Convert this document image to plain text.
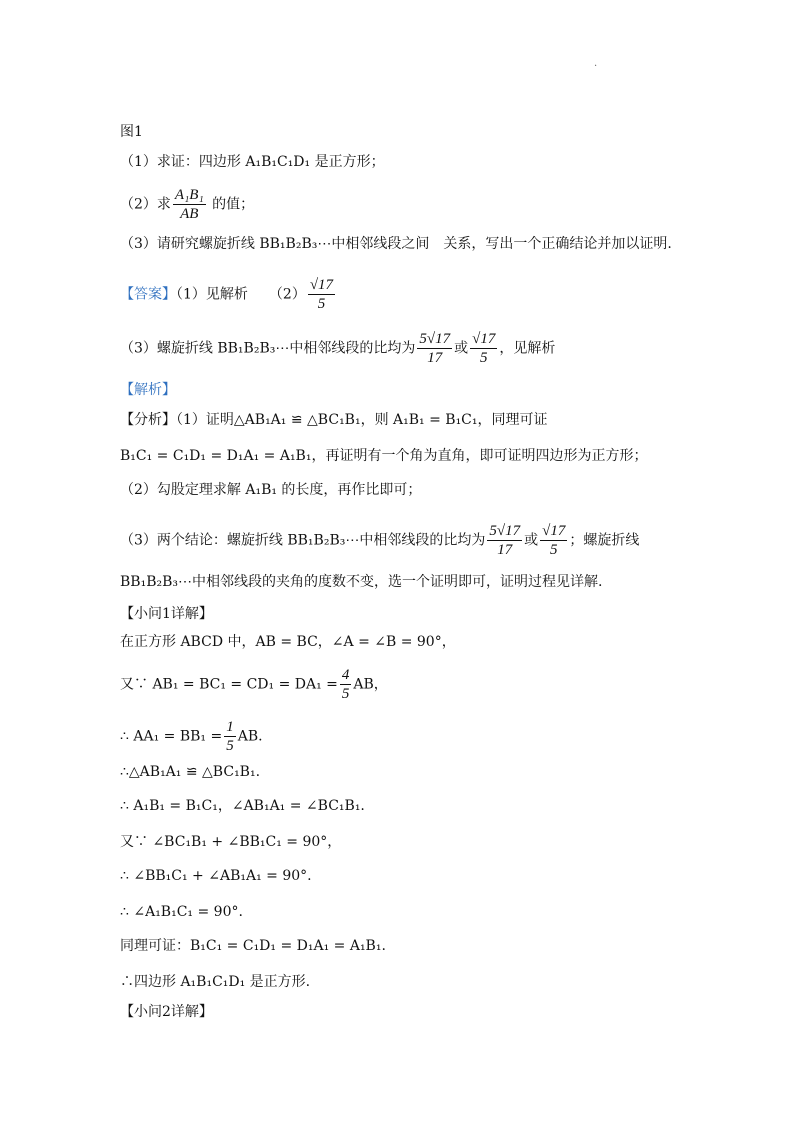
.
图1
（1）求证：四边形 A₁B₁C₁D₁ 是正方形；
（2）求 $\frac{\text{A₁B₁}}{AB}$ 的值；
（3）请研究螺旋折线 BB₁B₂B₃⋯中相邻线段之间　关系，写出一个正确结论并加以证明.
【答案】（1）见解析　　$(2) \frac{√17}{5}$
（3）螺旋折线 BB₁B₂B₃⋯中相邻线段的比均为 $\frac{5√17}{17}$ 或 $\frac{√17}{5}$ ，见解析
【解析】
【分析】（1）证明△AB₁A₁ ≌ △BC₁B₁，则 A₁B₁ = B₁C₁，同理可证
B₁C₁ = C₁D₁ = D₁A₁ = A₁B₁，再证明有一个角为直角，即可证明四边形为正方形；
（2）勾股定理求解 A₁B₁ 的长度，再作比即可；
（3）两个结论：螺旋折线 BB₁B₂B₃⋯中相邻线段的比均为 $\frac{5√17}{17}$ 或 $\frac{√17}{5}$ ；螺旋折线
BB₁B₂B₃⋯中相邻线段的夹角的度数不变，选一个证明即可，证明过程见详解.
【小问1详解】
在正方形 ABCD 中，AB = BC，∠A = ∠B = 90°，
又∵ $AB_1 = BC_1 = CD_1 = DA_1 = \frac{4}{5}$ AB，
∴ $AA_1 = BB_1 = \frac{1}{5}$ AB.
∴△AB₁A₁ ≌ △BC₁B₁.
∴ A₁B₁ = B₁C₁，∠AB₁A₁ = ∠BC₁B₁.
又∵ ∠BC₁B₁ + ∠BB₁C₁ = 90°，
∴ ∠BB₁C₁ + ∠AB₁A₁ = 90°.
∴ ∠A₁B₁C₁ = 90°.
同理可证：B₁C₁ = C₁D₁ = D₁A₁ = A₁B₁.
∴四边形 A₁B₁C₁D₁ 是正方形.
【小问2详解】
